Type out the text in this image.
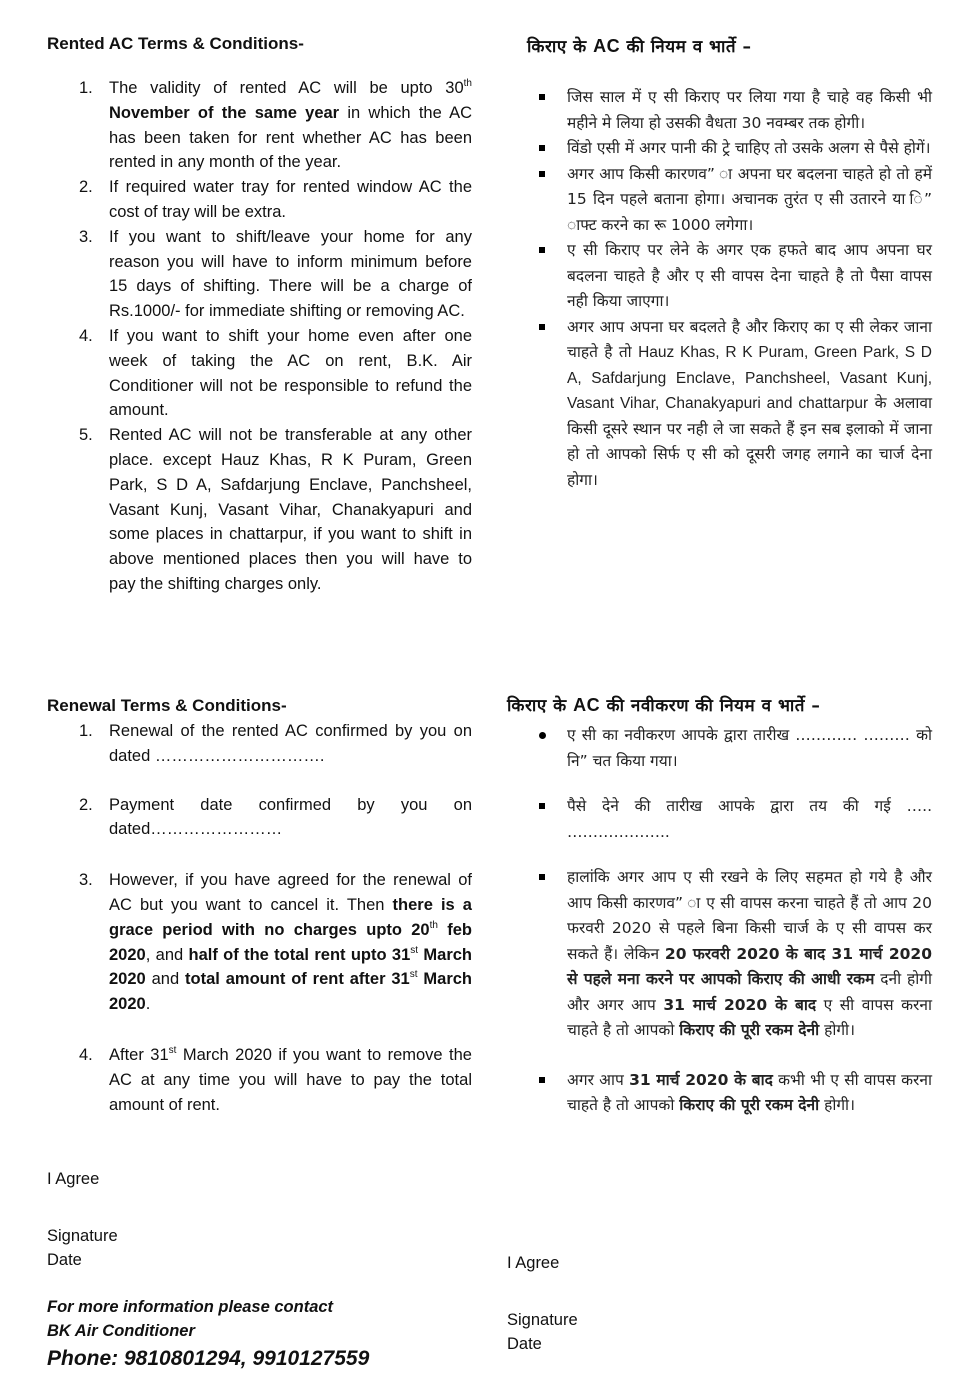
Rented AC Terms & Conditions-

1. The validity of rented AC will be upto 30th November of the same year in which the AC has been taken for rent whether AC has been rented in any month of the year.
2. If required water tray for rented window AC the cost of tray will be extra.
3. If you want to shift/leave your home for any reason you will have to inform minimum before 15 days of shifting. There will be a charge of Rs.1000/- for immediate shifting or removing AC.
4. If you want to shift your home even after one week of taking the AC on rent, B.K. Air Conditioner will not be responsible to refund the amount.
5. Rented AC will not be transferable at any other place. except Hauz Khas, R K Puram, Green Park, S D A, Safdarjung Enclave, Panchsheel, Vasant Kunj, Vasant Vihar, Chanakyapuri and some places in chattarpur, if you want to shift in above mentioned places then you will have to pay the shifting charges only.

किराए के AC की नियम व भार्ते –

जिस साल में ए सी किराए पर लिया गया है चाहे वह किसी भी महीने मे लिया हो उसकी वैधता 30 नवम्बर तक होगी।
विंडो एसी में अगर पानी की ट्रे चाहिए तो उसके अलग से पैसे होगें।
अगर आप किसी कारणव” ा अपना घर बदलना चाहते हो तो हमें 15 दिन पहले बताना होगा। अचानक तुरंत ए सी उतारने या ि” ाफ्ट करने का रू 1000 लगेगा।
ए सी किराए पर लेने के अगर एक हफते बाद आप अपना घर बदलना चाहते है और ए सी वापस देना चाहते है तो पैसा वापस नही किया जाएगा।
अगर आप अपना घर बदलते है और किराए का ए सी लेकर जाना चाहते है तो Hauz Khas, R K Puram, Green Park, S D A, Safdarjung Enclave, Panchsheel, Vasant Kunj, Vasant Vihar, Chanakyapuri and chattarpur के अलावा किसी दूसरे स्थान पर नही ले जा सकते हैं इन सब इलाको में जाना हो तो आपको सिर्फ ए सी को दूसरी जगह लगाने का चार्ज देना होगा।

Renewal Terms & Conditions-

1. Renewal of the rented AC confirmed by you on dated ………………………….
2. Payment date confirmed by you on dated……………………
3. However, if you have agreed for the renewal of AC but you want to cancel it. Then there is a grace period with no charges upto 20th feb 2020, and half of the total rent upto 31st March 2020 and total amount of rent after 31st March 2020.
4. After 31st March 2020 if you want to remove the AC at any time you will have to pay the total amount of rent.

I Agree

Signature

Date

For more information please contact

BK Air Conditioner

Phone: 9810801294, 9910127559

किराए के AC की नवीकरण की नियम व भार्ते –

ए सी का नवीकरण आपके द्वारा तारीख ………… ……… को नि” चत किया गया।
पैसे देने की तारीख आपके द्वारा तय की गई ….. ………………..
हालांकि अगर आप ए सी रखने के लिए सहमत हो गये है और आप किसी कारणव” ा ए सी वापस करना चाहते हैं तो आप 20 फरवरी 2020 से पहले बिना किसी चार्ज के ए सी वापस कर सकते हैं। लेकिन 20 फरवरी 2020 के बाद 31 मार्च 2020 से पहले मना करने पर आपको किराए की आधी रकम दनी होगी और अगर आप 31 मार्च 2020 के बाद ए सी वापस करना चाहते है तो आपको किराए की पूरी रकम देनी होगी।
अगर आप 31 मार्च 2020 के बाद कभी भी ए सी वापस करना चाहते है तो आपको किराए की पूरी रकम देनी होगी।

I Agree

Signature

Date
